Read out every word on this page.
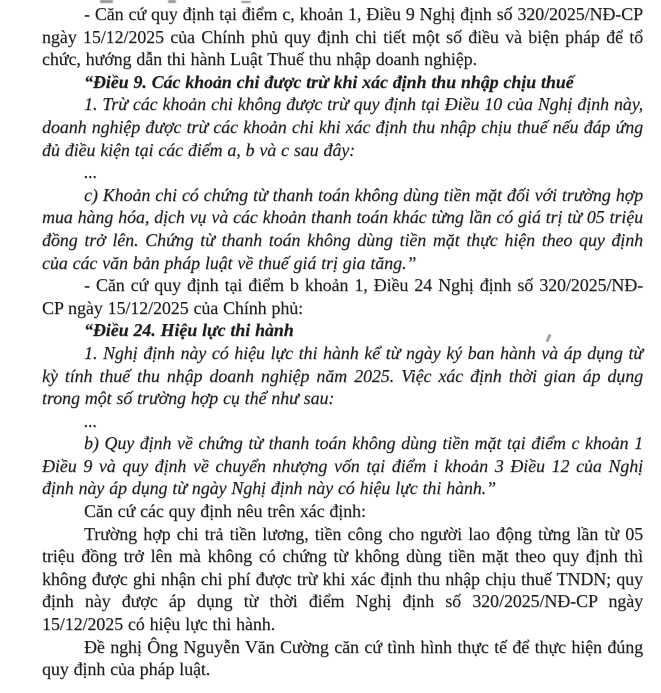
- Căn cứ quy định tại điểm c, khoản 1, Điều 9 Nghị định số 320/2025/NĐ-CP ngày 15/12/2025 của Chính phủ quy định chi tiết một số điều và biện pháp để tổ chức, hướng dẫn thi hành Luật Thuế thu nhập doanh nghiệp.

“Điều 9. Các khoản chi được trừ khi xác định thu nhập chịu thuế

1. Trừ các khoản chi không được trừ quy định tại Điều 10 của Nghị định này, doanh nghiệp được trừ các khoản chi khi xác định thu nhập chịu thuế nếu đáp ứng đủ điều kiện tại các điểm a, b và c sau đây:

...

c) Khoản chi có chứng từ thanh toán không dùng tiền mặt đối với trường hợp mua hàng hóa, dịch vụ và các khoản thanh toán khác từng lần có giá trị từ 05 triệu đồng trở lên. Chứng từ thanh toán không dùng tiền mặt thực hiện theo quy định của các văn bản pháp luật về thuế giá trị gia tăng.”

- Căn cứ quy định tại điểm b khoản 1, Điều 24 Nghị định số 320/2025/NĐ-CP ngày 15/12/2025 của Chính phủ:

“Điều 24. Hiệu lực thi hành

1. Nghị định này có hiệu lực thi hành kể từ ngày ký ban hành và áp dụng từ kỳ tính thuế thu nhập doanh nghiệp năm 2025. Việc xác định thời gian áp dụng trong một số trường hợp cụ thể như sau:

...

b) Quy định về chứng từ thanh toán không dùng tiền mặt tại điểm c khoản 1 Điều 9 và quy định về chuyển nhượng vốn tại điểm i khoản 3 Điều 12 của Nghị định này áp dụng từ ngày Nghị định này có hiệu lực thi hành.”

Căn cứ các quy định nêu trên xác định:

Trường hợp chi trả tiền lương, tiền công cho người lao động từng lần từ 05 triệu đồng trở lên mà không có chứng từ không dùng tiền mặt theo quy định thì không được ghi nhận chi phí được trừ khi xác định thu nhập chịu thuế TNDN; quy định này được áp dụng từ thời điểm Nghị định số 320/2025/NĐ-CP ngày 15/12/2025 có hiệu lực thi hành.

Đề nghị Ông Nguyễn Văn Cường căn cứ tình hình thực tế để thực hiện đúng quy định của pháp luật.
